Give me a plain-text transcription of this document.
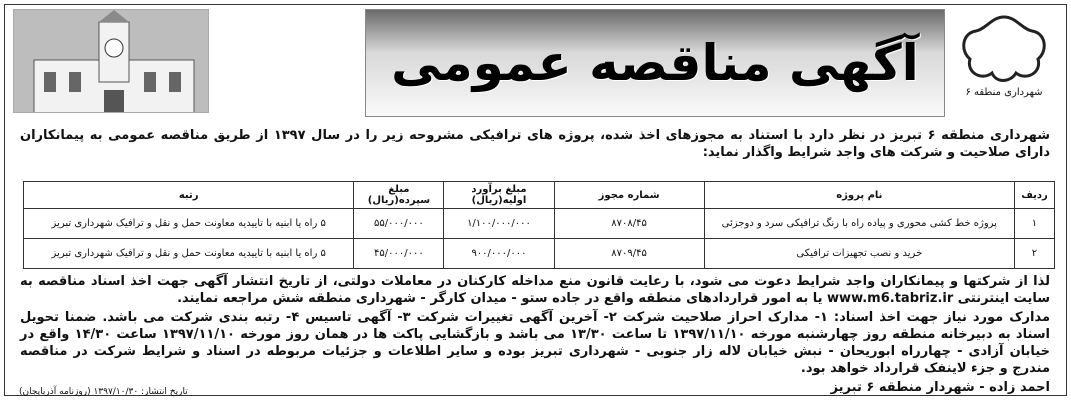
آگهی مناقصه عمومی
شهرداری منطقه ۶

شهرداری منطقه ۶ تبریز در نظر دارد با استناد به مجوزهای اخذ شده، پروژه های ترافیکی مشروحه زیر را در سال ۱۳۹۷ از طریق مناقصه عمومی به پیمانکاران دارای صلاحیت و شرکت های واجد شرایط واگذار نماید:

ردیف	نام پروژه	شماره مجوز	مبلغ برآورد اولیه(ریال)	مبلغ سپرده(ریال)	رتبه
۱	پروژه خط کشی محوری و پیاده راه با رنگ ترافیکی سرد و دوجزئی	۸۷۰۸/۴۵	۱/۱۰۰/۰۰۰/۰۰۰	۵۵/۰۰۰/۰۰۰	۵ راه یا ابنیه با تاییدیه معاونت حمل و نقل و ترافیک شهرداری تبریز
۲	خرید و نصب تجهیزات ترافیکی	۸۷۰۹/۴۵	۹۰۰/۰۰۰/۰۰۰	۴۵/۰۰۰/۰۰۰	۵ راه یا ابنیه با تاییدیه معاونت حمل و نقل و ترافیک شهرداری تبریز

لذا از شرکتها و پیمانکاران واجد شرایط دعوت می شود، با رعایت قانون منع مداخله کارکنان در معاملات دولتی، از تاریخ انتشار آگهی جهت اخذ اسناد مناقصه به سایت اینترنتی www.m6.tabriz.ir یا به امور قراردادهای منطقه واقع در جاده ستو - میدان کارگر - شهرداری منطقه شش مراجعه نمایند.

مدارک مورد نیاز جهت اخذ اسناد: ۱- مدارک احراز صلاحیت شرکت ۲- آخرین آگهی تغییرات شرکت ۳- آگهی تاسیس ۴- رتبه بندی شرکت می باشد. ضمنا تحویل اسناد به دبیرخانه منطقه روز چهارشنبه مورخه ۱۳۹۷/۱۱/۱۰ تا ساعت ۱۳/۳۰ می باشد و بازگشایی پاکت ها در همان روز مورخه ۱۳۹۷/۱۱/۱۰ ساعت ۱۴/۳۰ واقع در خیابان آزادی - چهارراه ابوریحان - نبش خیابان لاله زار جنوبی - شهرداری تبریز بوده و سایر اطلاعات و جزئیات مربوطه در اسناد و شرایط شرکت در مناقصه مندرج و جزء لاینفک قرارداد خواهد بود.

احمد زاده - شهردار منطقه ۶ تبریز
تاریخ انتشار: ۱۳۹۷/۱۰/۳۰ (روزنامه آذربایجان)
